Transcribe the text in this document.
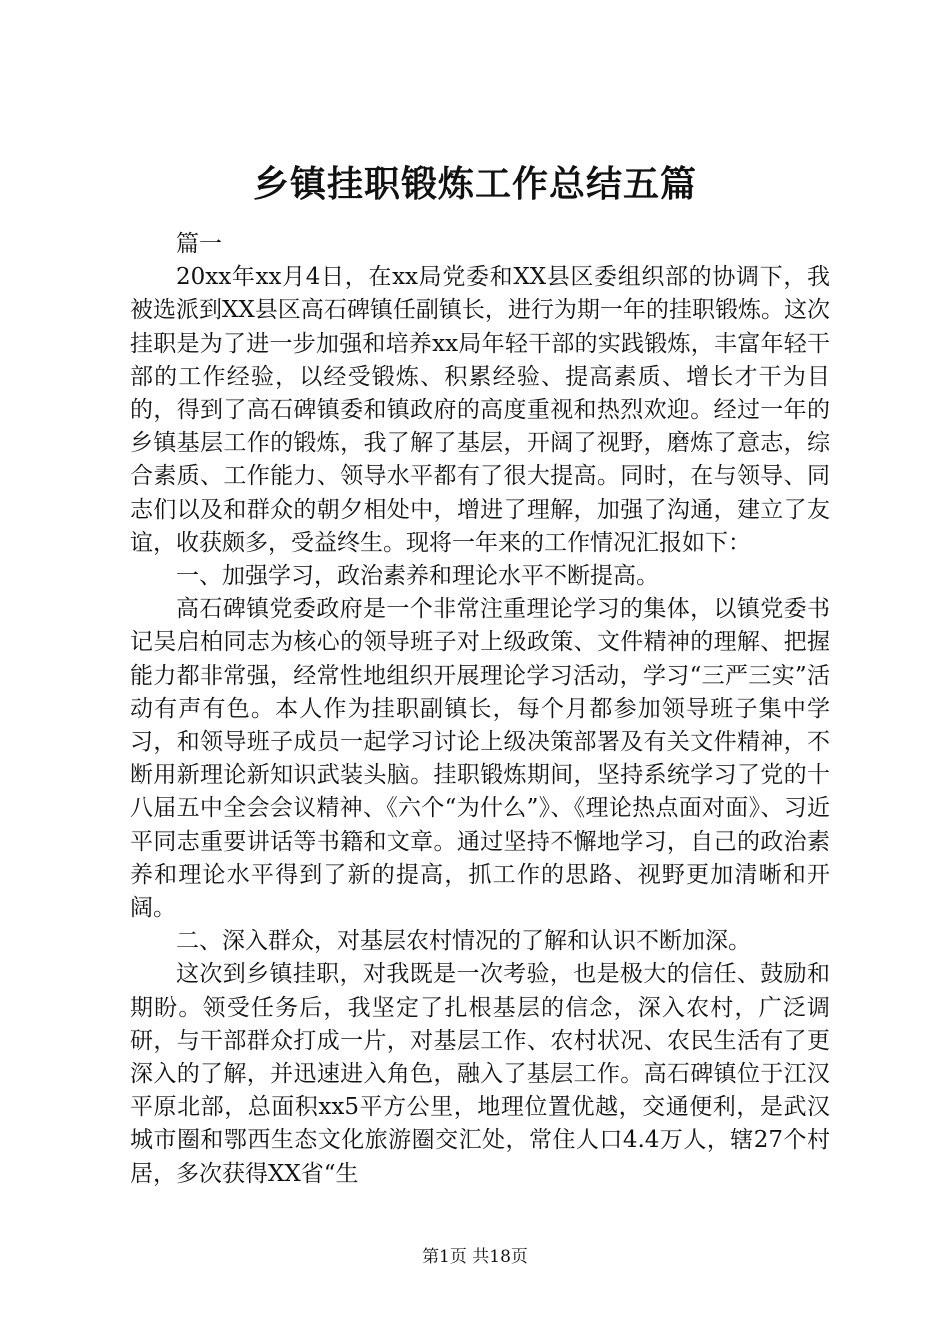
乡镇挂职锻炼工作总结五篇

篇一

20xx年xx月4日，在xx局党委和XX县区委组织部的协调下，我被选派到XX县区高石碑镇任副镇长，进行为期一年的挂职锻炼。这次挂职是为了进一步加强和培养xx局年轻干部的实践锻炼，丰富年轻干部的工作经验，以经受锻炼、积累经验、提高素质、增长才干为目的，得到了高石碑镇委和镇政府的高度重视和热烈欢迎。经过一年的乡镇基层工作的锻炼，我了解了基层，开阔了视野，磨炼了意志，综合素质、工作能力、领导水平都有了很大提高。同时，在与领导、同志们以及和群众的朝夕相处中，增进了理解，加强了沟通，建立了友谊，收获颇多，受益终生。现将一年来的工作情况汇报如下：

一、加强学习，政治素养和理论水平不断提高。

高石碑镇党委政府是一个非常注重理论学习的集体，以镇党委书记吴启柏同志为核心的领导班子对上级政策、文件精神的理解、把握能力都非常强，经常性地组织开展理论学习活动，学习“三严三实”活动有声有色。本人作为挂职副镇长，每个月都参加领导班子集中学习，和领导班子成员一起学习讨论上级决策部署及有关文件精神，不断用新理论新知识武装头脑。挂职锻炼期间，坚持系统学习了党的十八届五中全会会议精神、《六个“为什么”》、《理论热点面对面》、习近平同志重要讲话等书籍和文章。通过坚持不懈地学习，自己的政治素养和理论水平得到了新的提高，抓工作的思路、视野更加清晰和开阔。

二、深入群众，对基层农村情况的了解和认识不断加深。

这次到乡镇挂职，对我既是一次考验，也是极大的信任、鼓励和期盼。领受任务后，我坚定了扎根基层的信念，深入农村，广泛调研，与干部群众打成一片，对基层工作、农村状况、农民生活有了更深入的了解，并迅速进入角色，融入了基层工作。高石碑镇位于江汉平原北部，总面积xx5平方公里，地理位置优越，交通便利，是武汉城市圈和鄂西生态文化旅游圈交汇处，常住人口4.4万人，辖27个村居，多次获得XX省“生

第1页 共18页
